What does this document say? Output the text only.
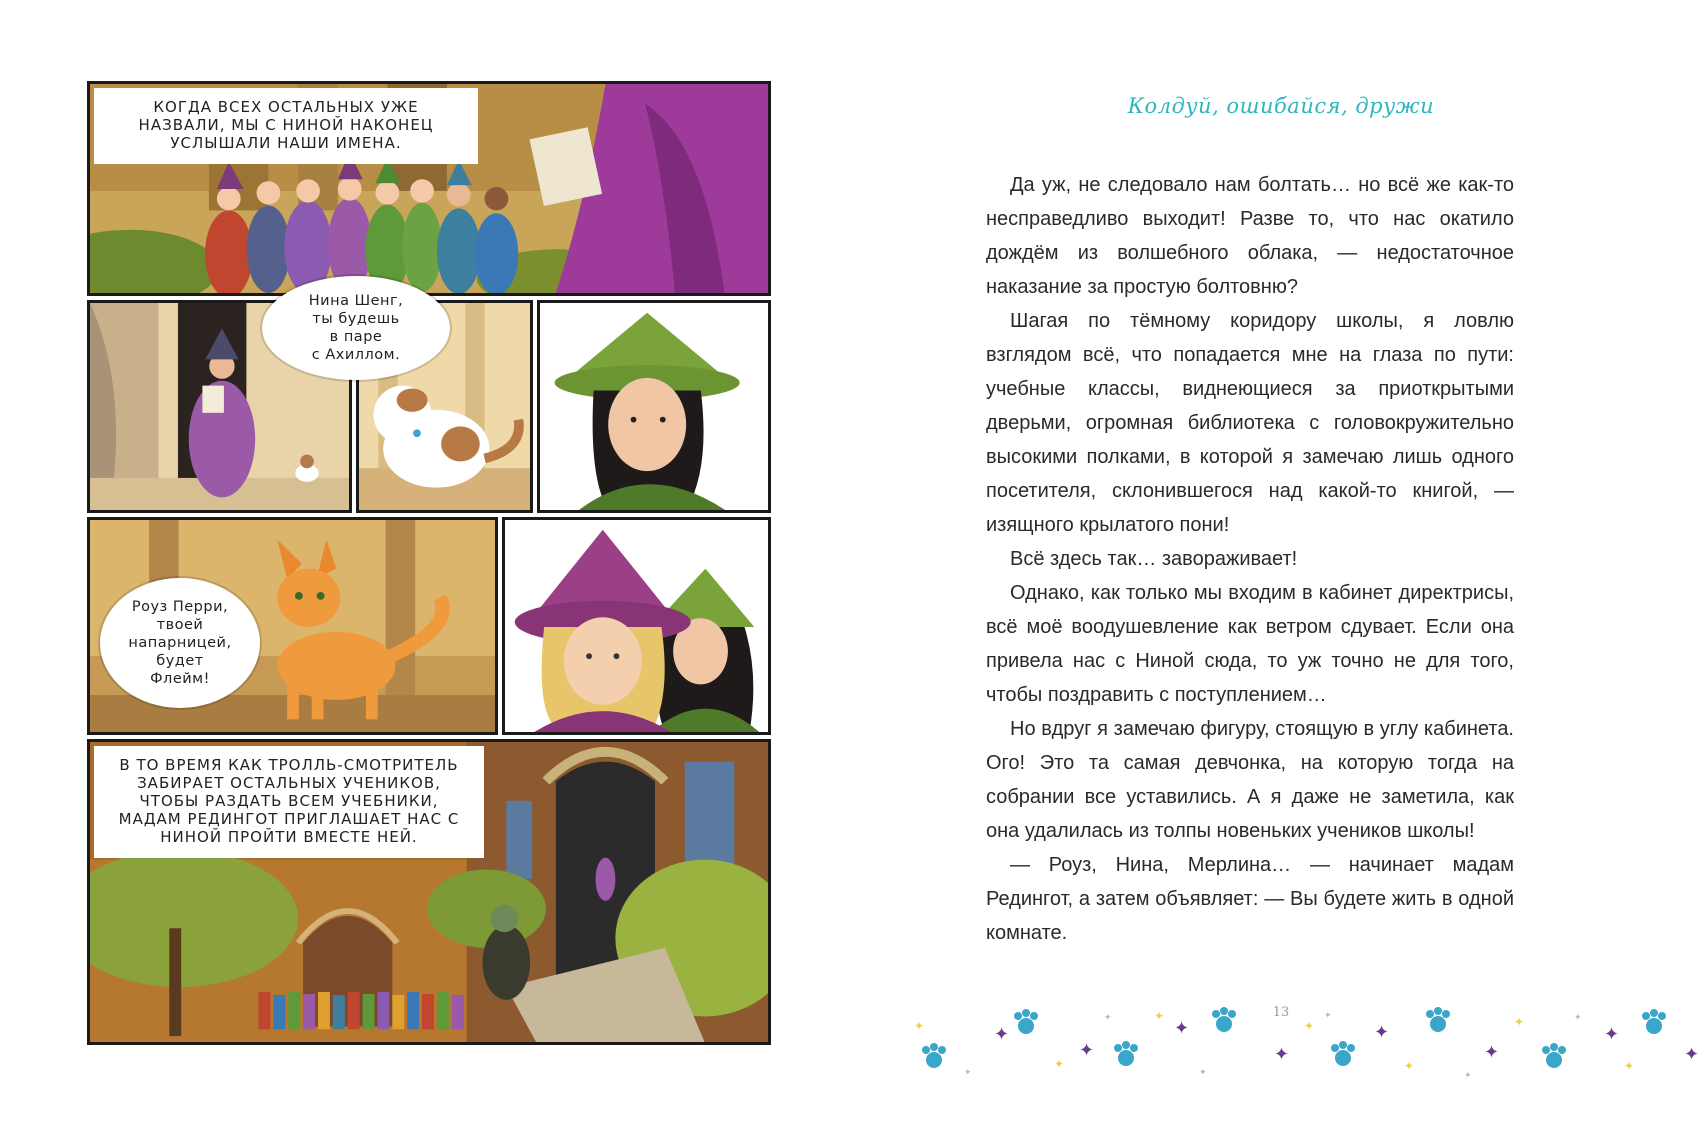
КОГДА ВСЕХ ОСТАЛЬНЫХ УЖЕ НАЗВАЛИ, МЫ С НИНОЙ НАКОНЕЦ УСЛЫШАЛИ НАШИ ИМЕНА.
В ТО ВРЕМЯ КАК ТРОЛЛЬ-СМОТРИТЕЛЬ ЗАБИРАЕТ ОСТАЛЬНЫХ УЧЕНИКОВ, ЧТОБЫ РАЗДАТЬ ВСЕМ УЧЕБНИКИ, МАДАМ РЕДИНГОТ ПРИГЛАШАЕТ НАС С НИНОЙ ПРОЙТИ ВМЕСТЕ НЕЙ.
Нина Шенг,
ты будешь
в паре
с Ахиллом.
Роуз Перри,
твоей
напарницей,
будет
Флейм!
Колдуй, ошибайся, дружи

Да уж, не следовало нам болтать… но всё же как-то несправедливо выходит! Разве то, что нас окатило дождём из волшебного облака, — недостаточное наказание за простую болтовню?

Шагая по тёмному коридору школы, я ловлю взглядом всё, что попадается мне на глаза по пути: учебные классы, виднеющиеся за приоткрытыми дверьми, огромная библиотека с головокружительно высокими полками, в которой я замечаю лишь одного посетителя, склонившегося над какой-то книгой, — изящного крылатого пони!

Всё здесь так… завораживает!

Однако, как только мы входим в кабинет директрисы, всё моё воодушевление как ветром сдувает. Если она привела нас с Ниной сюда, то уж точно не для того, чтобы поздравить с поступлением…

Но вдруг я замечаю фигуру, стоящую в углу кабинета. Ого! Это та самая девчонка, на которую тогда на собрании все уставились. А я даже не заметила, как она удалилась из толпы новеньких учеников школы!

— Роуз, Нина, Мерлина… — начинает мадам Редингот, а затем объявляет: — Вы будете жить в одной комнате.

✦
✦
✦
✦
✦
✦
✦
✦
✦
✦
✦
✦
✦
✦
✦
✦
✦
✦
✦
✦
✦
13
